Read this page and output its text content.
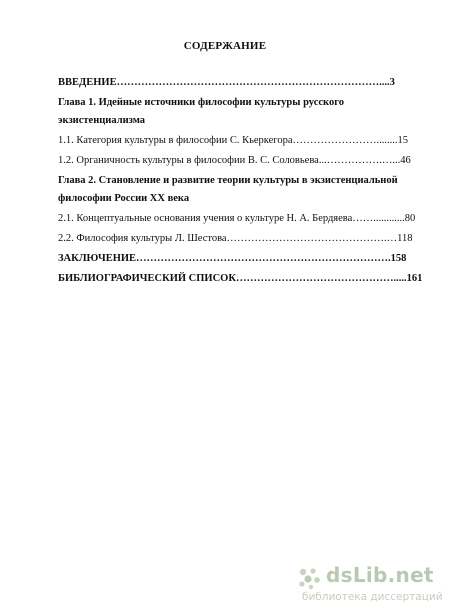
СОДЕРЖАНИЕ
ВВЕДЕНИЕ…………………………………………………………………....3
Глава 1. Идейные источники философии культуры русского
экзистенциализма
1.1. Категория культуры в философии С. Кьеркегора……………………........15
1.2. Органичность культуры в философии В. С. Соловьева...…………….…...46
Глава 2. Становление и развитие теории культуры в экзистенциальной
философии России XX века
2.1. Концептуальные основания учения о культуре Н. А. Бердяева……............80
2.2. Философия культуры Л. Шестова……………………………………….…118
ЗАКЛЮЧЕНИЕ……………………………………………………………….158
БИБЛИОГРАФИЧЕСКИЙ СПИСОК……………………………………….....161
dsLib.net
библиотека диссертаций
